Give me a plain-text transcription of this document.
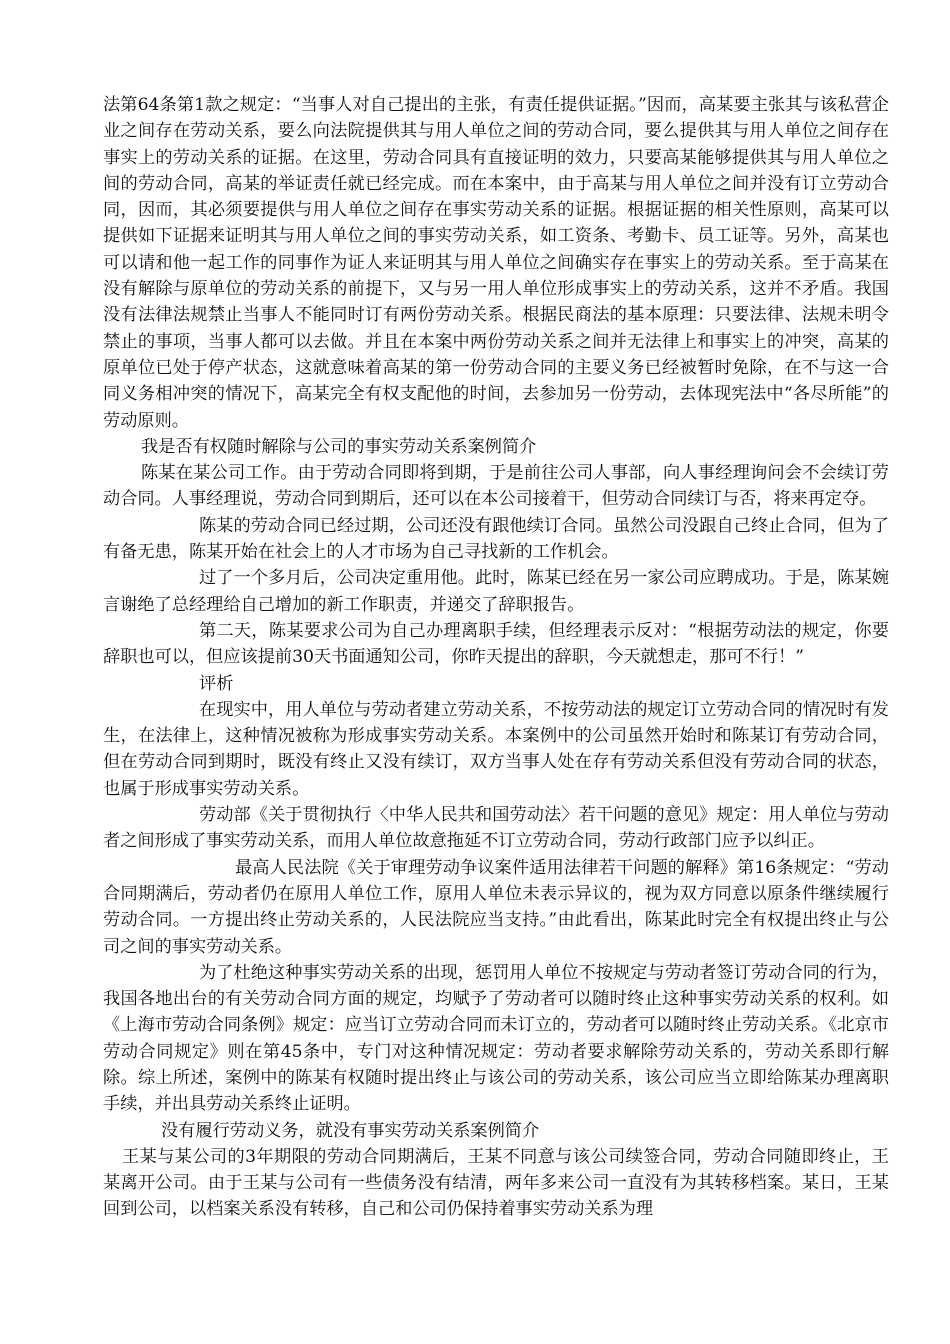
法第64条第1款之规定：“当事人对自己提出的主张，有责任提供证据。”因而，高某要主张其与该私营企业之间存在劳动关系，要么向法院提供其与用人单位之间的劳动合同，要么提供其与用人单位之间存在事实上的劳动关系的证据。在这里，劳动合同具有直接证明的效力，只要高某能够提供其与用人单位之间的劳动合同，高某的举证责任就已经完成。而在本案中，由于高某与用人单位之间并没有订立劳动合同，因而，其必须要提供与用人单位之间存在事实劳动关系的证据。根据证据的相关性原则，高某可以提供如下证据来证明其与用人单位之间的事实劳动关系，如工资条、考勤卡、员工证等。另外，高某也可以请和他一起工作的同事作为证人来证明其与用人单位之间确实存在事实上的劳动关系。至于高某在没有解除与原单位的劳动关系的前提下，又与另一用人单位形成事实上的劳动关系，这并不矛盾。我国没有法律法规禁止当事人不能同时订有两份劳动关系。根据民商法的基本原理：只要法律、法规未明令禁止的事项，当事人都可以去做。并且在本案中两份劳动关系之间并无法律上和事实上的冲突，高某的原单位已处于停产状态，这就意味着高某的第一份劳动合同的主要义务已经被暂时免除，在不与这一合同义务相冲突的情况下，高某完全有权支配他的时间，去参加另一份劳动，去体现宪法中“各尽所能”的劳动原则。

我是否有权随时解除与公司的事实劳动关系案例简介

陈某在某公司工作。由于劳动合同即将到期，于是前往公司人事部，向人事经理询问会不会续订劳动合同。人事经理说，劳动合同到期后，还可以在本公司接着干，但劳动合同续订与否，将来再定夺。

陈某的劳动合同已经过期，公司还没有跟他续订合同。虽然公司没跟自己终止合同，但为了有备无患，陈某开始在社会上的人才市场为自己寻找新的工作机会。

过了一个多月后，公司决定重用他。此时，陈某已经在另一家公司应聘成功。于是，陈某婉言谢绝了总经理给自己增加的新工作职责，并递交了辞职报告。

第二天，陈某要求公司为自己办理离职手续，但经理表示反对：“根据劳动法的规定，你要辞职也可以，但应该提前30天书面通知公司，你昨天提出的辞职，今天就想走，那可不行！”

评析

在现实中，用人单位与劳动者建立劳动关系，不按劳动法的规定订立劳动合同的情况时有发生，在法律上，这种情况被称为形成事实劳动关系。本案例中的公司虽然开始时和陈某订有劳动合同，但在劳动合同到期时，既没有终止又没有续订，双方当事人处在存有劳动关系但没有劳动合同的状态，也属于形成事实劳动关系。

劳动部《关于贯彻执行〈中华人民共和国劳动法〉若干问题的意见》规定：用人单位与劳动者之间形成了事实劳动关系，而用人单位故意拖延不订立劳动合同，劳动行政部门应予以纠正。

最高人民法院《关于审理劳动争议案件适用法律若干问题的解释》第16条规定：“劳动合同期满后，劳动者仍在原用人单位工作，原用人单位未表示异议的，视为双方同意以原条件继续履行劳动合同。一方提出终止劳动关系的，人民法院应当支持。”由此看出，陈某此时完全有权提出终止与公司之间的事实劳动关系。

为了杜绝这种事实劳动关系的出现，惩罚用人单位不按规定与劳动者签订劳动合同的行为，我国各地出台的有关劳动合同方面的规定，均赋予了劳动者可以随时终止这种事实劳动关系的权利。如《上海市劳动合同条例》规定：应当订立劳动合同而未订立的，劳动者可以随时终止劳动关系。《北京市劳动合同规定》则在第45条中，专门对这种情况规定：劳动者要求解除劳动关系的，劳动关系即行解除。综上所述，案例中的陈某有权随时提出终止与该公司的劳动关系，该公司应当立即给陈某办理离职手续，并出具劳动关系终止证明。

没有履行劳动义务，就没有事实劳动关系案例简介

王某与某公司的3年期限的劳动合同期满后，王某不同意与该公司续签合同，劳动合同随即终止，王某离开公司。由于王某与公司有一些债务没有结清，两年多来公司一直没有为其转移档案。某日，王某回到公司，以档案关系没有转移，自己和公司仍保持着事实劳动关系为理
